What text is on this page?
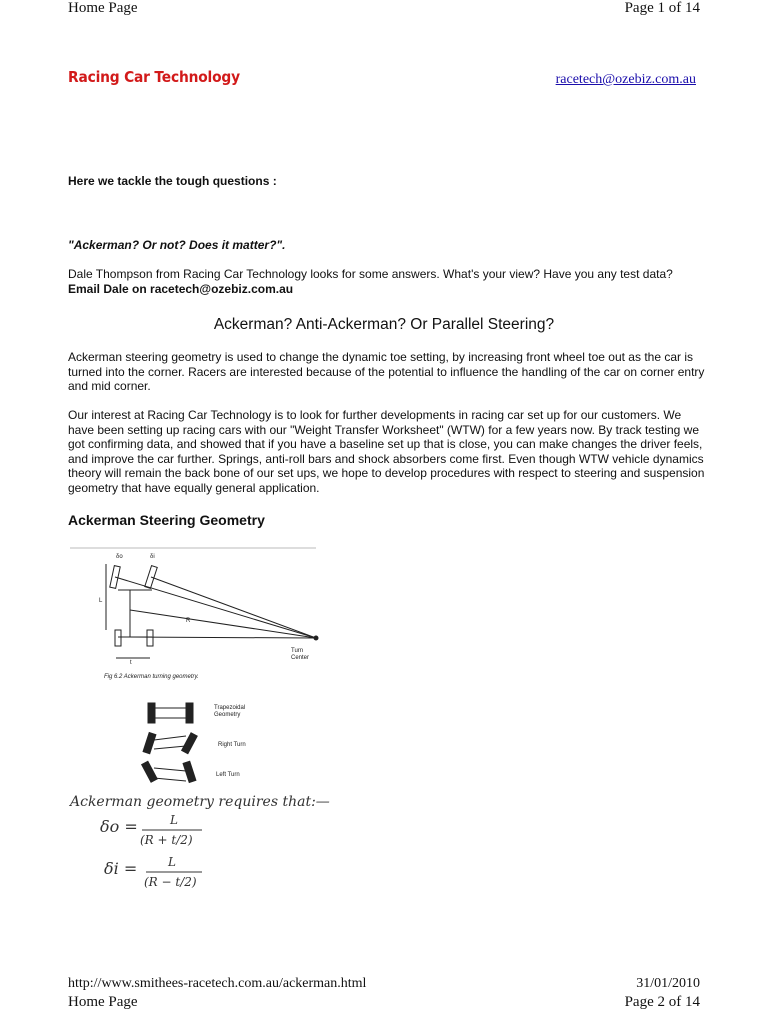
Home Page	Page 1 of 14
Racing Car Technology	racetech@ozebiz.com.au
Here we tackle the tough questions :
"Ackerman? Or not? Does it matter?".
Dale Thompson from Racing Car Technology looks for some answers. What's your view? Have you any test data? Email Dale on racetech@ozebiz.com.au
Ackerman? Anti-Ackerman? Or Parallel Steering?
Ackerman steering geometry is used to change the dynamic toe setting, by increasing front wheel toe out as the car is turned into the corner. Racers are interested because of the potential to influence the handling of the car on corner entry and mid corner.
Our interest at Racing Car Technology is to look for further developments in racing car set up for our customers. We have been setting up racing cars with our "Weight Transfer Worksheet" (WTW) for a few years now. By track testing we got confirming data, and showed that if you have a baseline set up that is close, you can make changes the driver feels, and improve the car further. Springs, anti-roll bars and shock absorbers come first. Even though WTW vehicle dynamics theory will remain the back bone of our set ups, we hope to develop procedures with respect to steering and suspension geometry that have equally general application.
Ackerman Steering Geometry
δo	δi
L
R
t
Turn Center
Fig 6.2 Ackerman turning geometry.
Trapezoidal Geometry
Right Turn
Left Turn
Ackerman geometry requires that:—
δo =	L
(R + t/2)
δi =	L
(R − t/2)
http://www.smithees-racetech.com.au/ackerman.html	31/01/2010
Home Page	Page 2 of 14
